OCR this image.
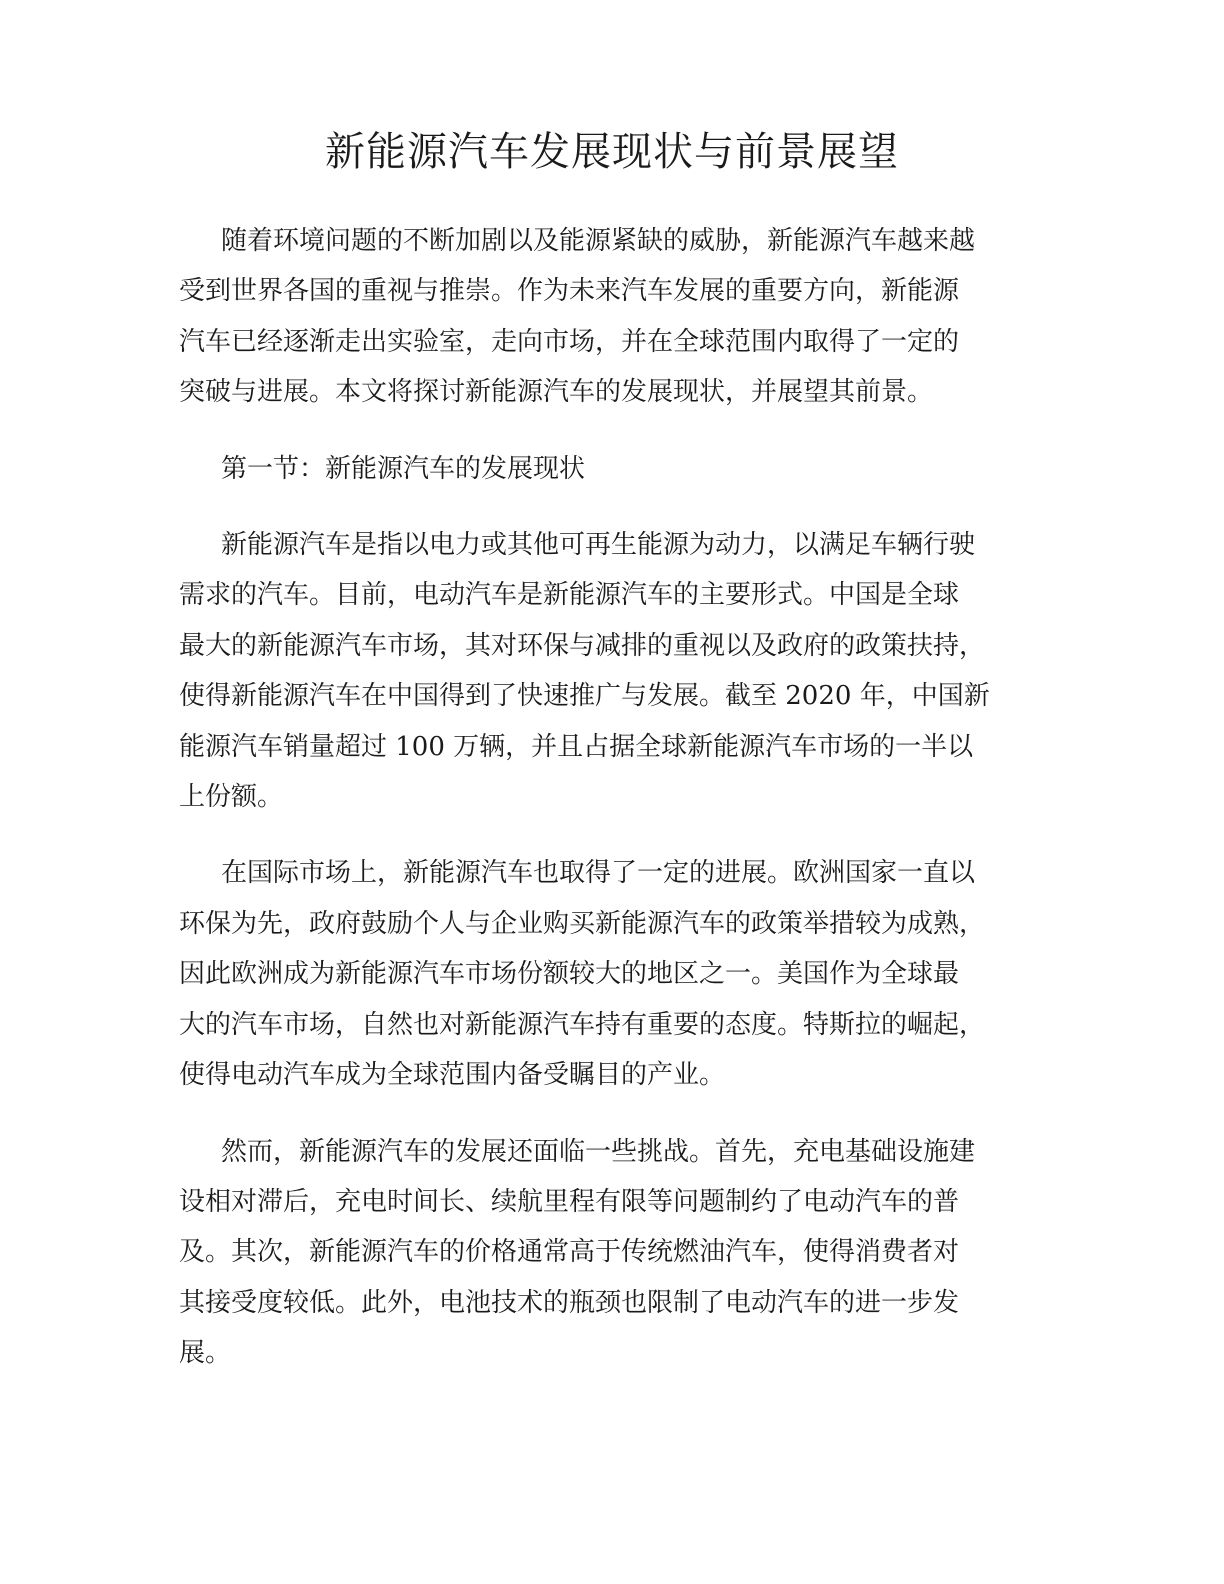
新能源汽车发展现状与前景展望
随着环境问题的不断加剧以及能源紧缺的威胁，新能源汽车越来越
受到世界各国的重视与推崇。作为未来汽车发展的重要方向，新能源
汽车已经逐渐走出实验室，走向市场，并在全球范围内取得了一定的
突破与进展。本文将探讨新能源汽车的发展现状，并展望其前景。
第一节：新能源汽车的发展现状
新能源汽车是指以电力或其他可再生能源为动力，以满足车辆行驶
需求的汽车。目前，电动汽车是新能源汽车的主要形式。中国是全球
最大的新能源汽车市场，其对环保与减排的重视以及政府的政策扶持，
使得新能源汽车在中国得到了快速推广与发展。截至 2020 年，中国新
能源汽车销量超过 100 万辆，并且占据全球新能源汽车市场的一半以
上份额。
在国际市场上，新能源汽车也取得了一定的进展。欧洲国家一直以
环保为先，政府鼓励个人与企业购买新能源汽车的政策举措较为成熟，
因此欧洲成为新能源汽车市场份额较大的地区之一。美国作为全球最
大的汽车市场，自然也对新能源汽车持有重要的态度。特斯拉的崛起，
使得电动汽车成为全球范围内备受瞩目的产业。
然而，新能源汽车的发展还面临一些挑战。首先，充电基础设施建
设相对滞后，充电时间长、续航里程有限等问题制约了电动汽车的普
及。其次，新能源汽车的价格通常高于传统燃油汽车，使得消费者对
其接受度较低。此外，电池技术的瓶颈也限制了电动汽车的进一步发
展。
